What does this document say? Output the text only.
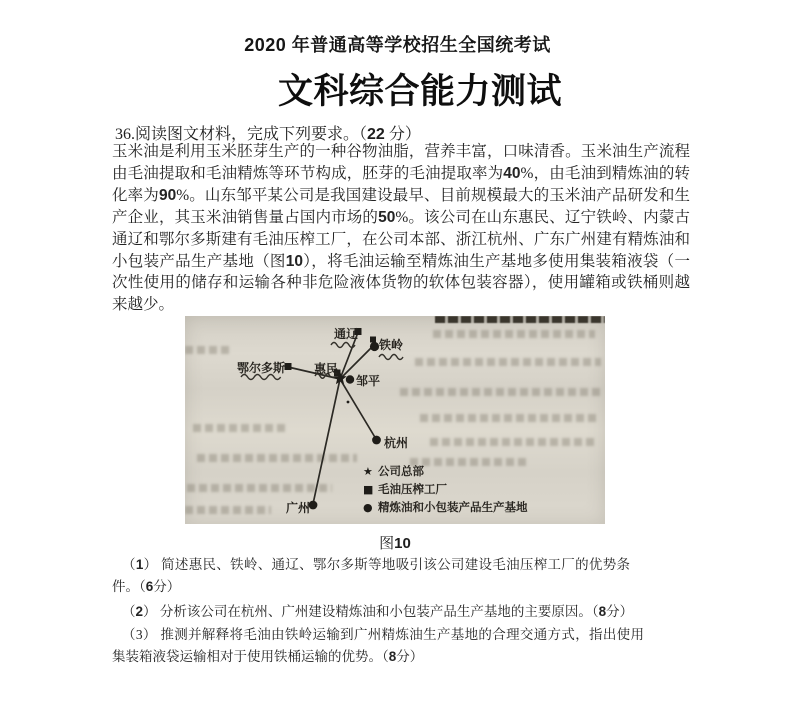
2020 年普通高等学校招生全国统考试
文科综合能力测试
36.阅读图文材料，完成下列要求。（22 分）
玉米油是利用玉米胚芽生产的一种谷物油脂，营养丰富，口味清香。玉米油生产流程由毛油提取和毛油精炼等环节构成，胚芽的毛油提取率为40%，由毛油到精炼油的转化率为90%。山东邹平某公司是我国建设最早、目前规模最大的玉米油产品研发和生产企业，其玉米油销售量占国内市场的50%。该公司在山东惠民、辽宁铁岭、内蒙古通辽和鄂尔多斯建有毛油压榨工厂，在公司本部、浙江杭州、广东广州建有精炼油和小包装产品生产基地（图10），将毛油运输至精炼油生产基地多使用集装箱液袋（一次性使用的储存和运输各种非危险液体货物的软体包装容器），使用罐箱或铁桶则越来越少。
通辽
铁岭
鄂尔多斯 惠民
邹平
杭州
广州
★ 公司总部
■ 毛油压榨工厂
● 精炼油和小包装产品生产基地
图10
（1） 简述惠民、铁岭、通辽、鄂尔多斯等地吸引该公司建设毛油压榨工厂的优势条件。（6分）
（2） 分析该公司在杭州、广州建设精炼油和小包装产品生产基地的主要原因。（8分）
（3） 推测并解释将毛油由铁岭运输到广州精炼油生产基地的合理交通方式，指出使用集装箱液袋运输相对于使用铁桶运输的优势。（8分）
